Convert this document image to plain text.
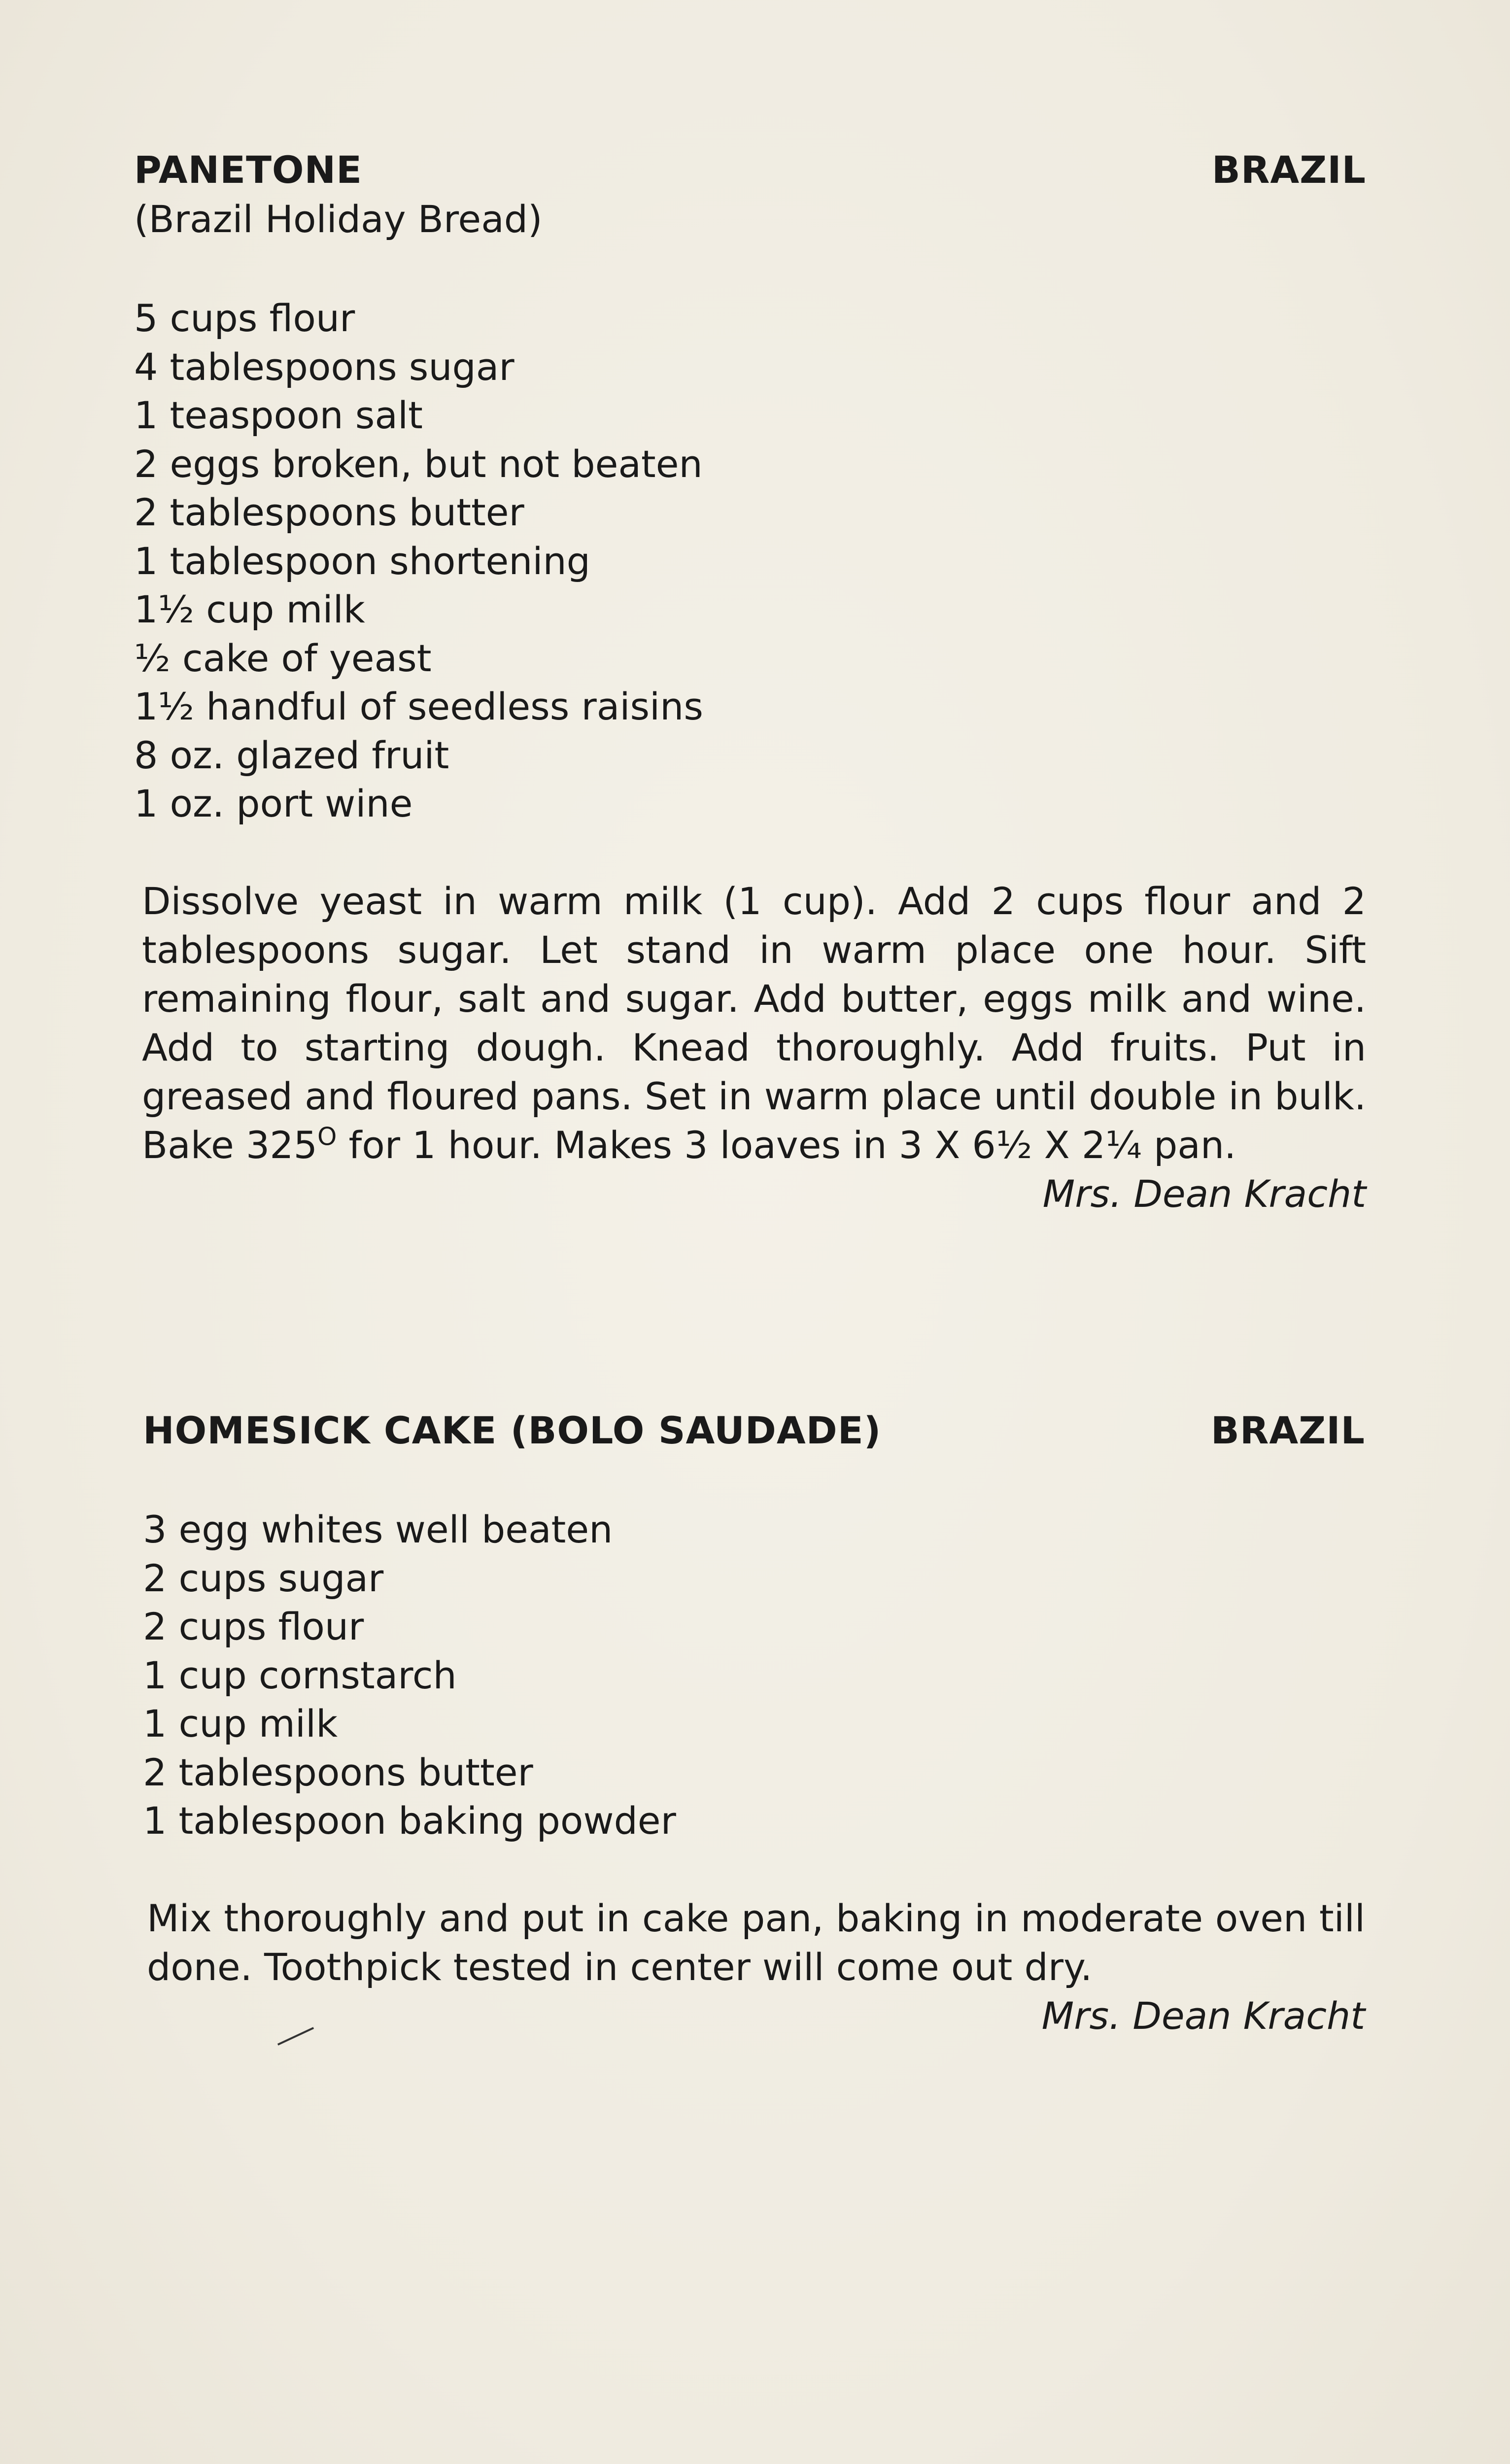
PANETONE	BRAZIL
(Brazil Holiday Bread)
5 cups flour
4 tablespoons sugar
1 teaspoon salt
2 eggs broken, but not beaten
2 tablespoons butter
1 tablespoon shortening
1½ cup milk
½ cake of yeast
1½ handful of seedless raisins
8 oz. glazed fruit
1 oz. port wine

Dissolve yeast in warm milk (1 cup). Add 2 cups flour and 2 tablespoons sugar. Let stand in warm place one hour. Sift remaining flour, salt and sugar. Add butter, eggs milk and wine. Add to starting dough. Knead thoroughly. Add fruits. Put in greased and floured pans. Set in warm place until double in bulk. Bake $325^O$ for 1 hour. Makes 3 loaves in 3 X 6½ X 2¼ pan.

Mrs. Dean Kracht
HOMESICK CAKE (BOLO SAUDADE)	BRAZIL
3 egg whites well beaten
2 cups sugar
2 cups flour
1 cup cornstarch
1 cup milk
2 tablespoons butter
1 tablespoon baking powder

Mix thoroughly and put in cake pan, baking in moderate oven till done. Toothpick tested in center will come out dry.

Mrs. Dean Kracht
